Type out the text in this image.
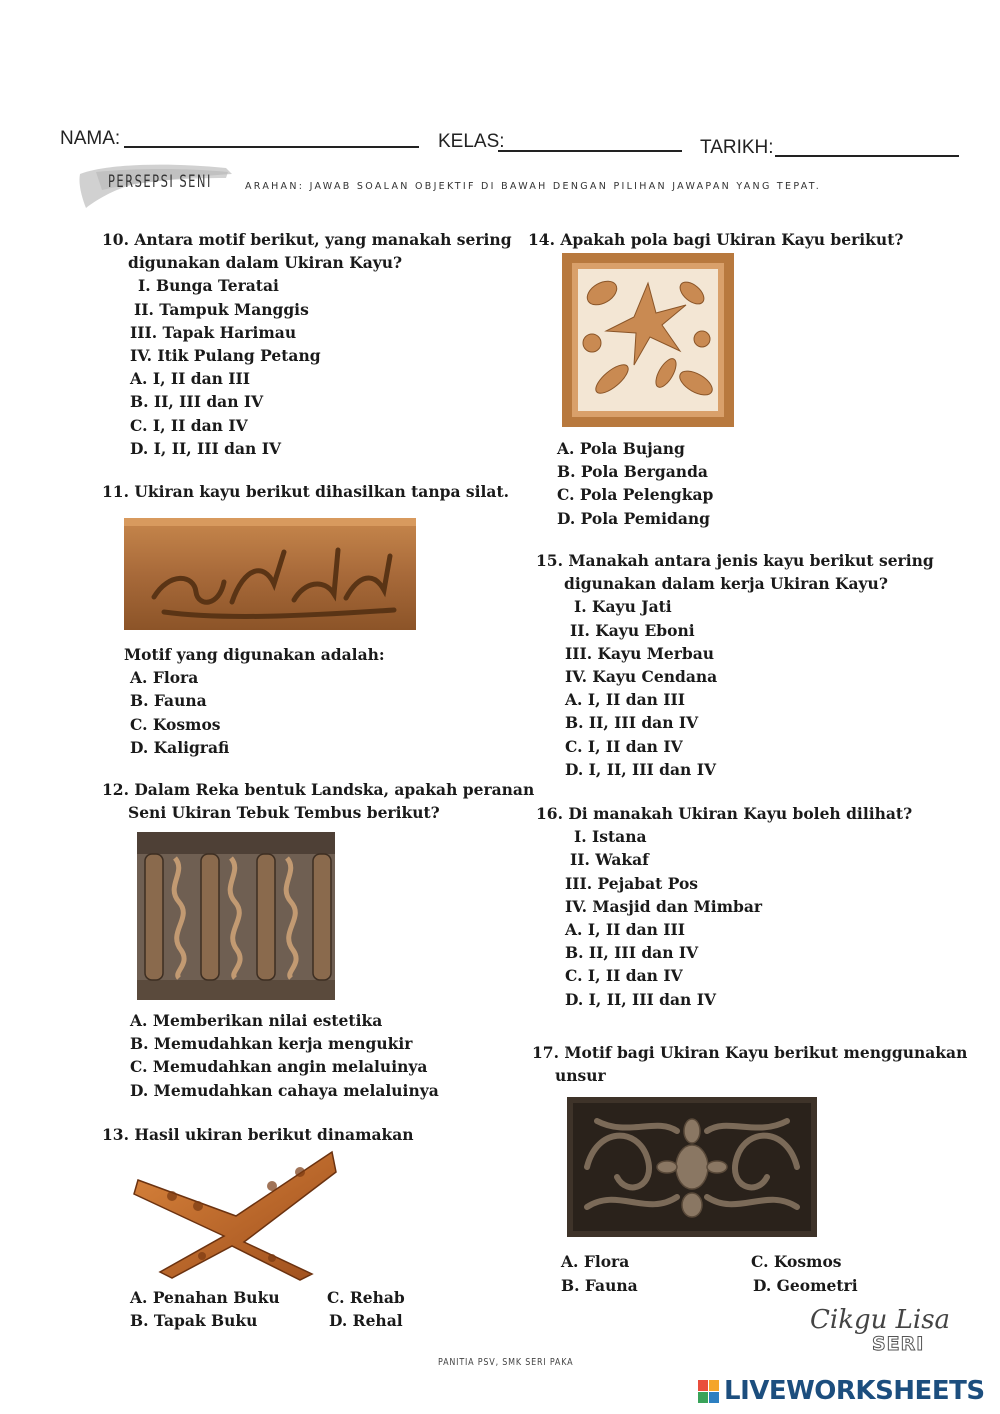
NAMA:	KELAS:	TARIKH:
PERSEPSI SENI	ARAHAN: JAWAB SOALAN OBJEKTIF DI BAWAH DENGAN PILIHAN JAWAPAN YANG TEPAT.
10. Antara motif berikut, yang manakah sering
digunakan dalam Ukiran Kayu?
I. Bunga Teratai
II. Tampuk Manggis
III. Tapak Harimau
IV. Itik Pulang Petang
A. I, II dan III
B. II, III dan IV
C. I, II dan IV
D. I, II, III dan IV
11. Ukiran kayu berikut dihasilkan tanpa silat.
Motif yang digunakan adalah:
A. Flora
B. Fauna
C. Kosmos
D. Kaligrafi
12. Dalam Reka bentuk Landska, apakah peranan
Seni Ukiran Tebuk Tembus berikut?
A. Memberikan nilai estetika
B. Memudahkan kerja mengukir
C. Memudahkan angin melaluinya
D. Memudahkan cahaya melaluinya
13. Hasil ukiran berikut dinamakan
A. Penahan Buku	C. Rehab
B. Tapak Buku	D. Rehal
14. Apakah pola bagi Ukiran Kayu berikut?
A. Pola Bujang
B. Pola Berganda
C. Pola Pelengkap
D. Pola Pemidang
15. Manakah antara jenis kayu berikut sering
digunakan dalam kerja Ukiran Kayu?
I. Kayu Jati
II. Kayu Eboni
III. Kayu Merbau
IV. Kayu Cendana
A. I, II dan III
B. II, III dan IV
C. I, II dan IV
D. I, II, III dan IV
16. Di manakah Ukiran Kayu boleh dilihat?
I. Istana
II. Wakaf
III. Pejabat Pos
IV. Masjid dan Mimbar
A. I, II dan III
B. II, III dan IV
C. I, II dan IV
D. I, II, III dan IV
17. Motif bagi Ukiran Kayu berikut menggunakan
unsur
A. Flora	C. Kosmos
B. Fauna	D. Geometri
Cikgu Lisa
SERI
PANITIA PSV, SMK SERI PAKA
LIVEWORKSHEETS
